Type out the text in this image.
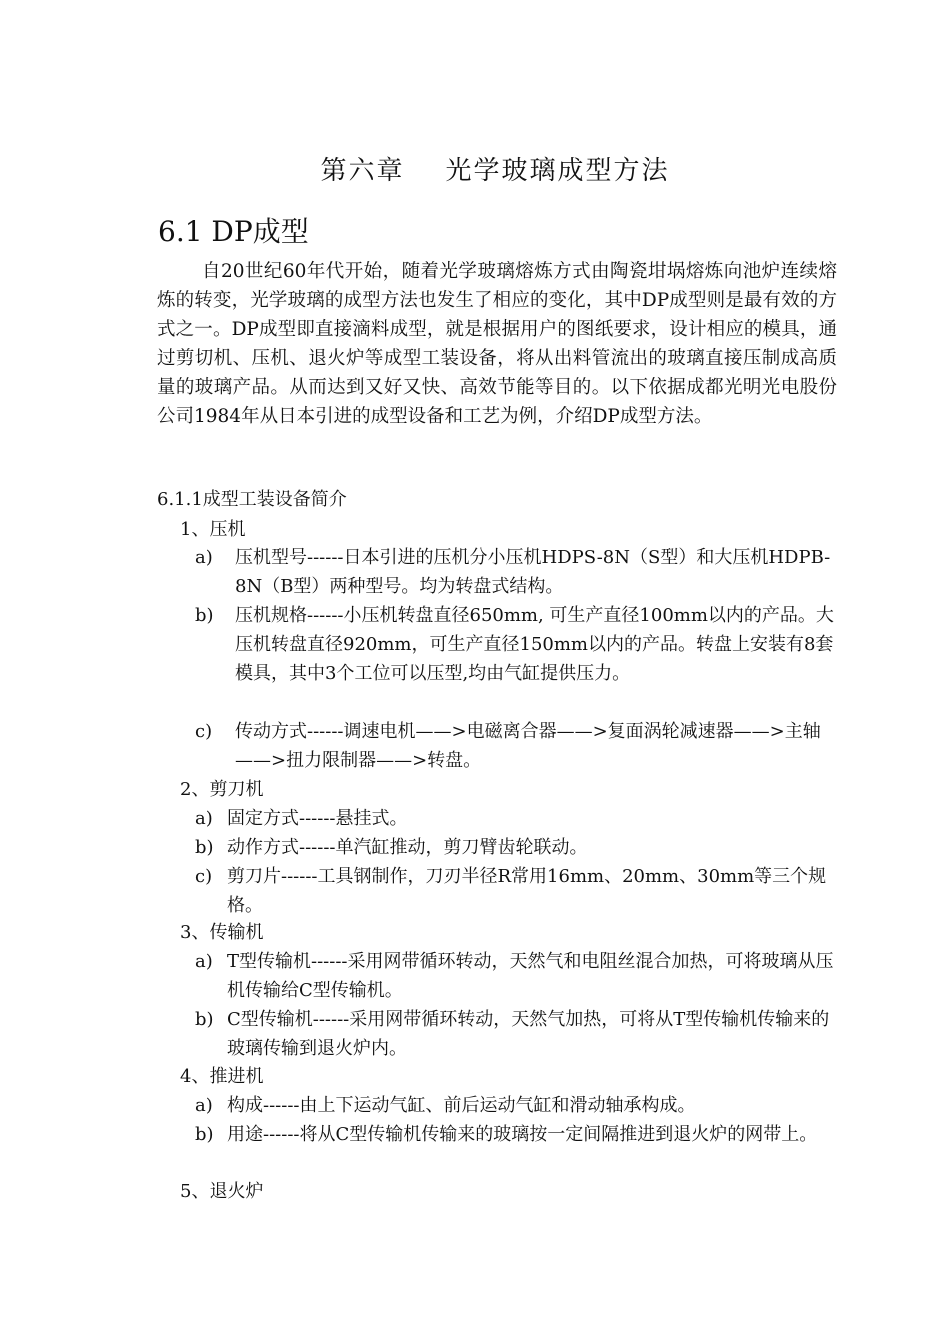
第六章    光学玻璃成型方法
6.1 DP成型

自20世纪60年代开始，随着光学玻璃熔炼方式由陶瓷坩埚熔炼向池炉连续熔炼的转变，光学玻璃的成型方法也发生了相应的变化，其中DP成型则是最有效的方式之一。DP成型即直接滴料成型，就是根据用户的图纸要求，设计相应的模具，通过剪切机、压机、退火炉等成型工装设备，将从出料管流出的玻璃直接压制成高质量的玻璃产品。从而达到又好又快、高效节能等目的。以下依据成都光明光电股份公司1984年从日本引进的成型设备和工艺为例，介绍DP成型方法。

6.1.1成型工装设备简介
1、压机
a) 压机型号------日本引进的压机分小压机HDPS-8N（S型）和大压机HDPB-8N（B型）两种型号。均为转盘式结构。
b) 压机规格------小压机转盘直径650mm, 可生产直径100mm以内的产品。大压机转盘直径920mm，可生产直径150mm以内的产品。转盘上安装有8套模具，其中3个工位可以压型,均由气缸提供压力。
c) 传动方式------调速电机——>电磁离合器——>复面涡轮减速器——>主轴——>扭力限制器——>转盘。
2、剪刀机
a) 固定方式------悬挂式。
b) 动作方式------单汽缸推动，剪刀臂齿轮联动。
c) 剪刀片------工具钢制作，刀刃半径R常用16mm、20mm、30mm等三个规格。
3、传输机
a) T型传输机------采用网带循环转动，天然气和电阻丝混合加热，可将玻璃从压机传输给C型传输机。
b) C型传输机------采用网带循环转动，天然气加热，可将从T型传输机传输来的玻璃传输到退火炉内。
4、推进机
a) 构成------由上下运动气缸、前后运动气缸和滑动轴承构成。
b) 用途------将从C型传输机传输来的玻璃按一定间隔推进到退火炉的网带上。
5、退火炉
